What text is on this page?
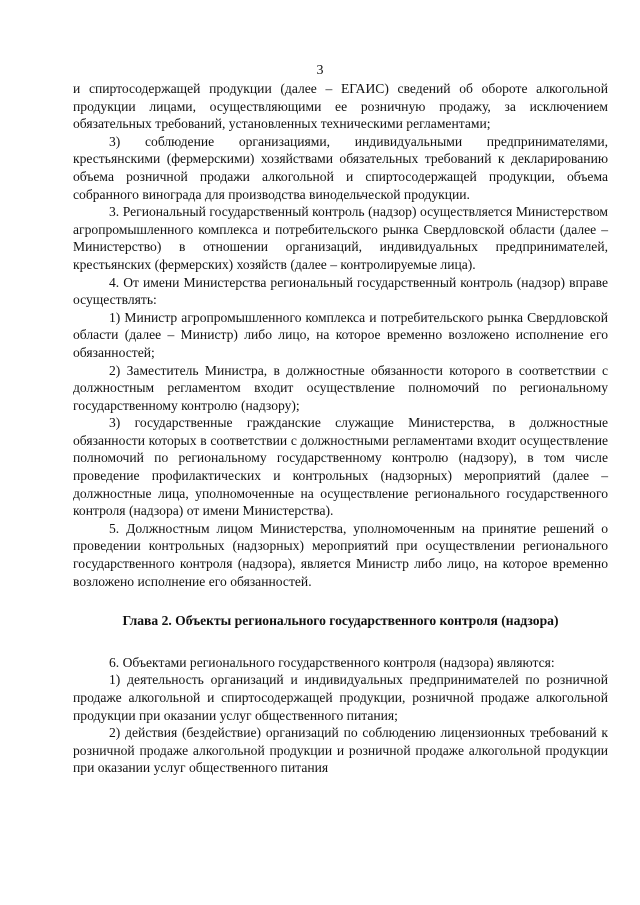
3

и спиртосодержащей продукции (далее – ЕГАИС) сведений об обороте алкогольной продукции лицами, осуществляющими ее розничную продажу, за исключением обязательных требований, установленных техническими регламентами;

3) соблюдение организациями, индивидуальными предпринимателями, крестьянскими (фермерскими) хозяйствами обязательных требований к декларированию объема розничной продажи алкогольной и спиртосодержащей продукции, объема собранного винограда для производства винодельческой продукции.

3. Региональный государственный контроль (надзор) осуществляется Министерством агропромышленного комплекса и потребительского рынка Свердловской области (далее – Министерство) в отношении организаций, индивидуальных предпринимателей, крестьянских (фермерских) хозяйств (далее – контролируемые лица).

4. От имени Министерства региональный государственный контроль (надзор) вправе осуществлять:

1) Министр агропромышленного комплекса и потребительского рынка Свердловской области (далее – Министр) либо лицо, на которое временно возложено исполнение его обязанностей;

2) Заместитель Министра, в должностные обязанности которого в соответствии с должностным регламентом входит осуществление полномочий по региональному государственному контролю (надзору);

3) государственные гражданские служащие Министерства, в должностные обязанности которых в соответствии с должностными регламентами входит осуществление полномочий по региональному государственному контролю (надзору), в том числе проведение профилактических и контрольных (надзорных) мероприятий (далее – должностные лица, уполномоченные на осуществление регионального государственного контроля (надзора) от имени Министерства).

5. Должностным лицом Министерства, уполномоченным на принятие решений о проведении контрольных (надзорных) мероприятий при осуществлении регионального государственного контроля (надзора), является Министр либо лицо, на которое временно возложено исполнение его обязанностей.

Глава 2. Объекты регионального государственного контроля (надзора)

6. Объектами регионального государственного контроля (надзора) являются:

1) деятельность организаций и индивидуальных предпринимателей по розничной продаже алкогольной и спиртосодержащей продукции, розничной продаже алкогольной продукции при оказании услуг общественного питания;

2) действия (бездействие) организаций по соблюдению лицензионных требований к розничной продаже алкогольной продукции и розничной продаже алкогольной продукции при оказании услуг общественного питания
